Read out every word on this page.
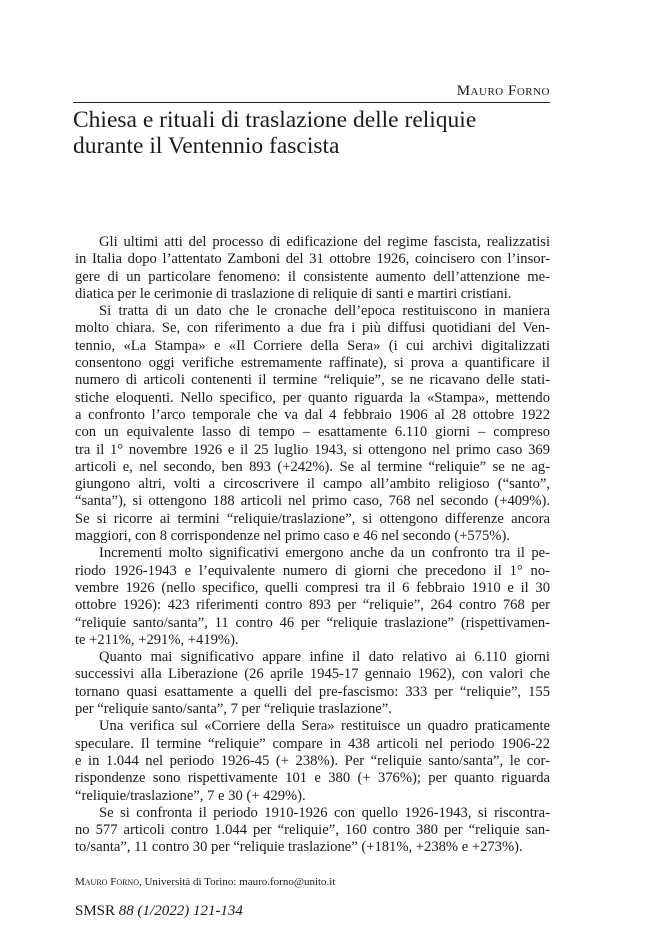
Mauro Forno
Chiesa e rituali di traslazione delle reliquie
durante il Ventennio fascista
Gli ultimi atti del processo di edificazione del regime fascista, realizzatisi
in Italia dopo l’attentato Zamboni del 31 ottobre 1926, coincisero con l’insor-
gere di un particolare fenomeno: il consistente aumento dell’attenzione me-
diatica per le cerimonie di traslazione di reliquie di santi e martiri cristiani.
Si tratta di un dato che le cronache dell’epoca restituiscono in maniera
molto chiara. Se, con riferimento a due fra i più diffusi quotidiani del Ven-
tennio, «La Stampa» e «Il Corriere della Sera» (i cui archivi digitalizzati
consentono oggi verifiche estremamente raffinate), si prova a quantificare il
numero di articoli contenenti il termine “reliquie”, se ne ricavano delle stati-
stiche eloquenti. Nello specifico, per quanto riguarda la «Stampa», mettendo
a confronto l’arco temporale che va dal 4 febbraio 1906 al 28 ottobre 1922
con un equivalente lasso di tempo – esattamente 6.110 giorni – compreso
tra il 1° novembre 1926 e il 25 luglio 1943, si ottengono nel primo caso 369
articoli e, nel secondo, ben 893 (+242%). Se al termine “reliquie” se ne ag-
giungono altri, volti a circoscrivere il campo all’ambito religioso (“santo”,
“santa”), si ottengono 188 articoli nel primo caso, 768 nel secondo (+409%).
Se si ricorre ai termini “reliquie/traslazione”, si ottengono differenze ancora
maggiori, con 8 corrispondenze nel primo caso e 46 nel secondo (+575%).
Incrementi molto significativi emergono anche da un confronto tra il pe-
riodo 1926-1943 e l’equivalente numero di giorni che precedono il 1° no-
vembre 1926 (nello specifico, quelli compresi tra il 6 febbraio 1910 e il 30
ottobre 1926): 423 riferimenti contro 893 per “reliquie”, 264 contro 768 per
“reliquie santo/santa”, 11 contro 46 per “reliquie traslazione” (rispettivamen-
te +211%, +291%, +419%).
Quanto mai significativo appare infine il dato relativo ai 6.110 giorni
successivi alla Liberazione (26 aprile 1945-17 gennaio 1962), con valori che
tornano quasi esattamente a quelli del pre-fascismo: 333 per “reliquie”, 155
per “reliquie santo/santa”, 7 per “reliquie traslazione”.
Una verifica sul «Corriere della Sera» restituisce un quadro praticamente
speculare. Il termine “reliquie” compare in 438 articoli nel periodo 1906-22
e in 1.044 nel periodo 1926-45 (+ 238%). Per “reliquie santo/santa”, le cor-
rispondenze sono rispettivamente 101 e 380 (+ 376%); per quanto riguarda
“reliquie/traslazione”, 7 e 30 (+ 429%).
Se si confronta il periodo 1910-1926 con quello 1926-1943, si riscontra-
no 577 articoli contro 1.044 per “reliquie”, 160 contro 380 per “reliquie san-
to/santa”, 11 contro 30 per “reliquie traslazione” (+181%, +238% e +273%).
Mauro Forno, Università di Torino: mauro.forno@unito.it
SMSR 88 (1/2022) 121-134
